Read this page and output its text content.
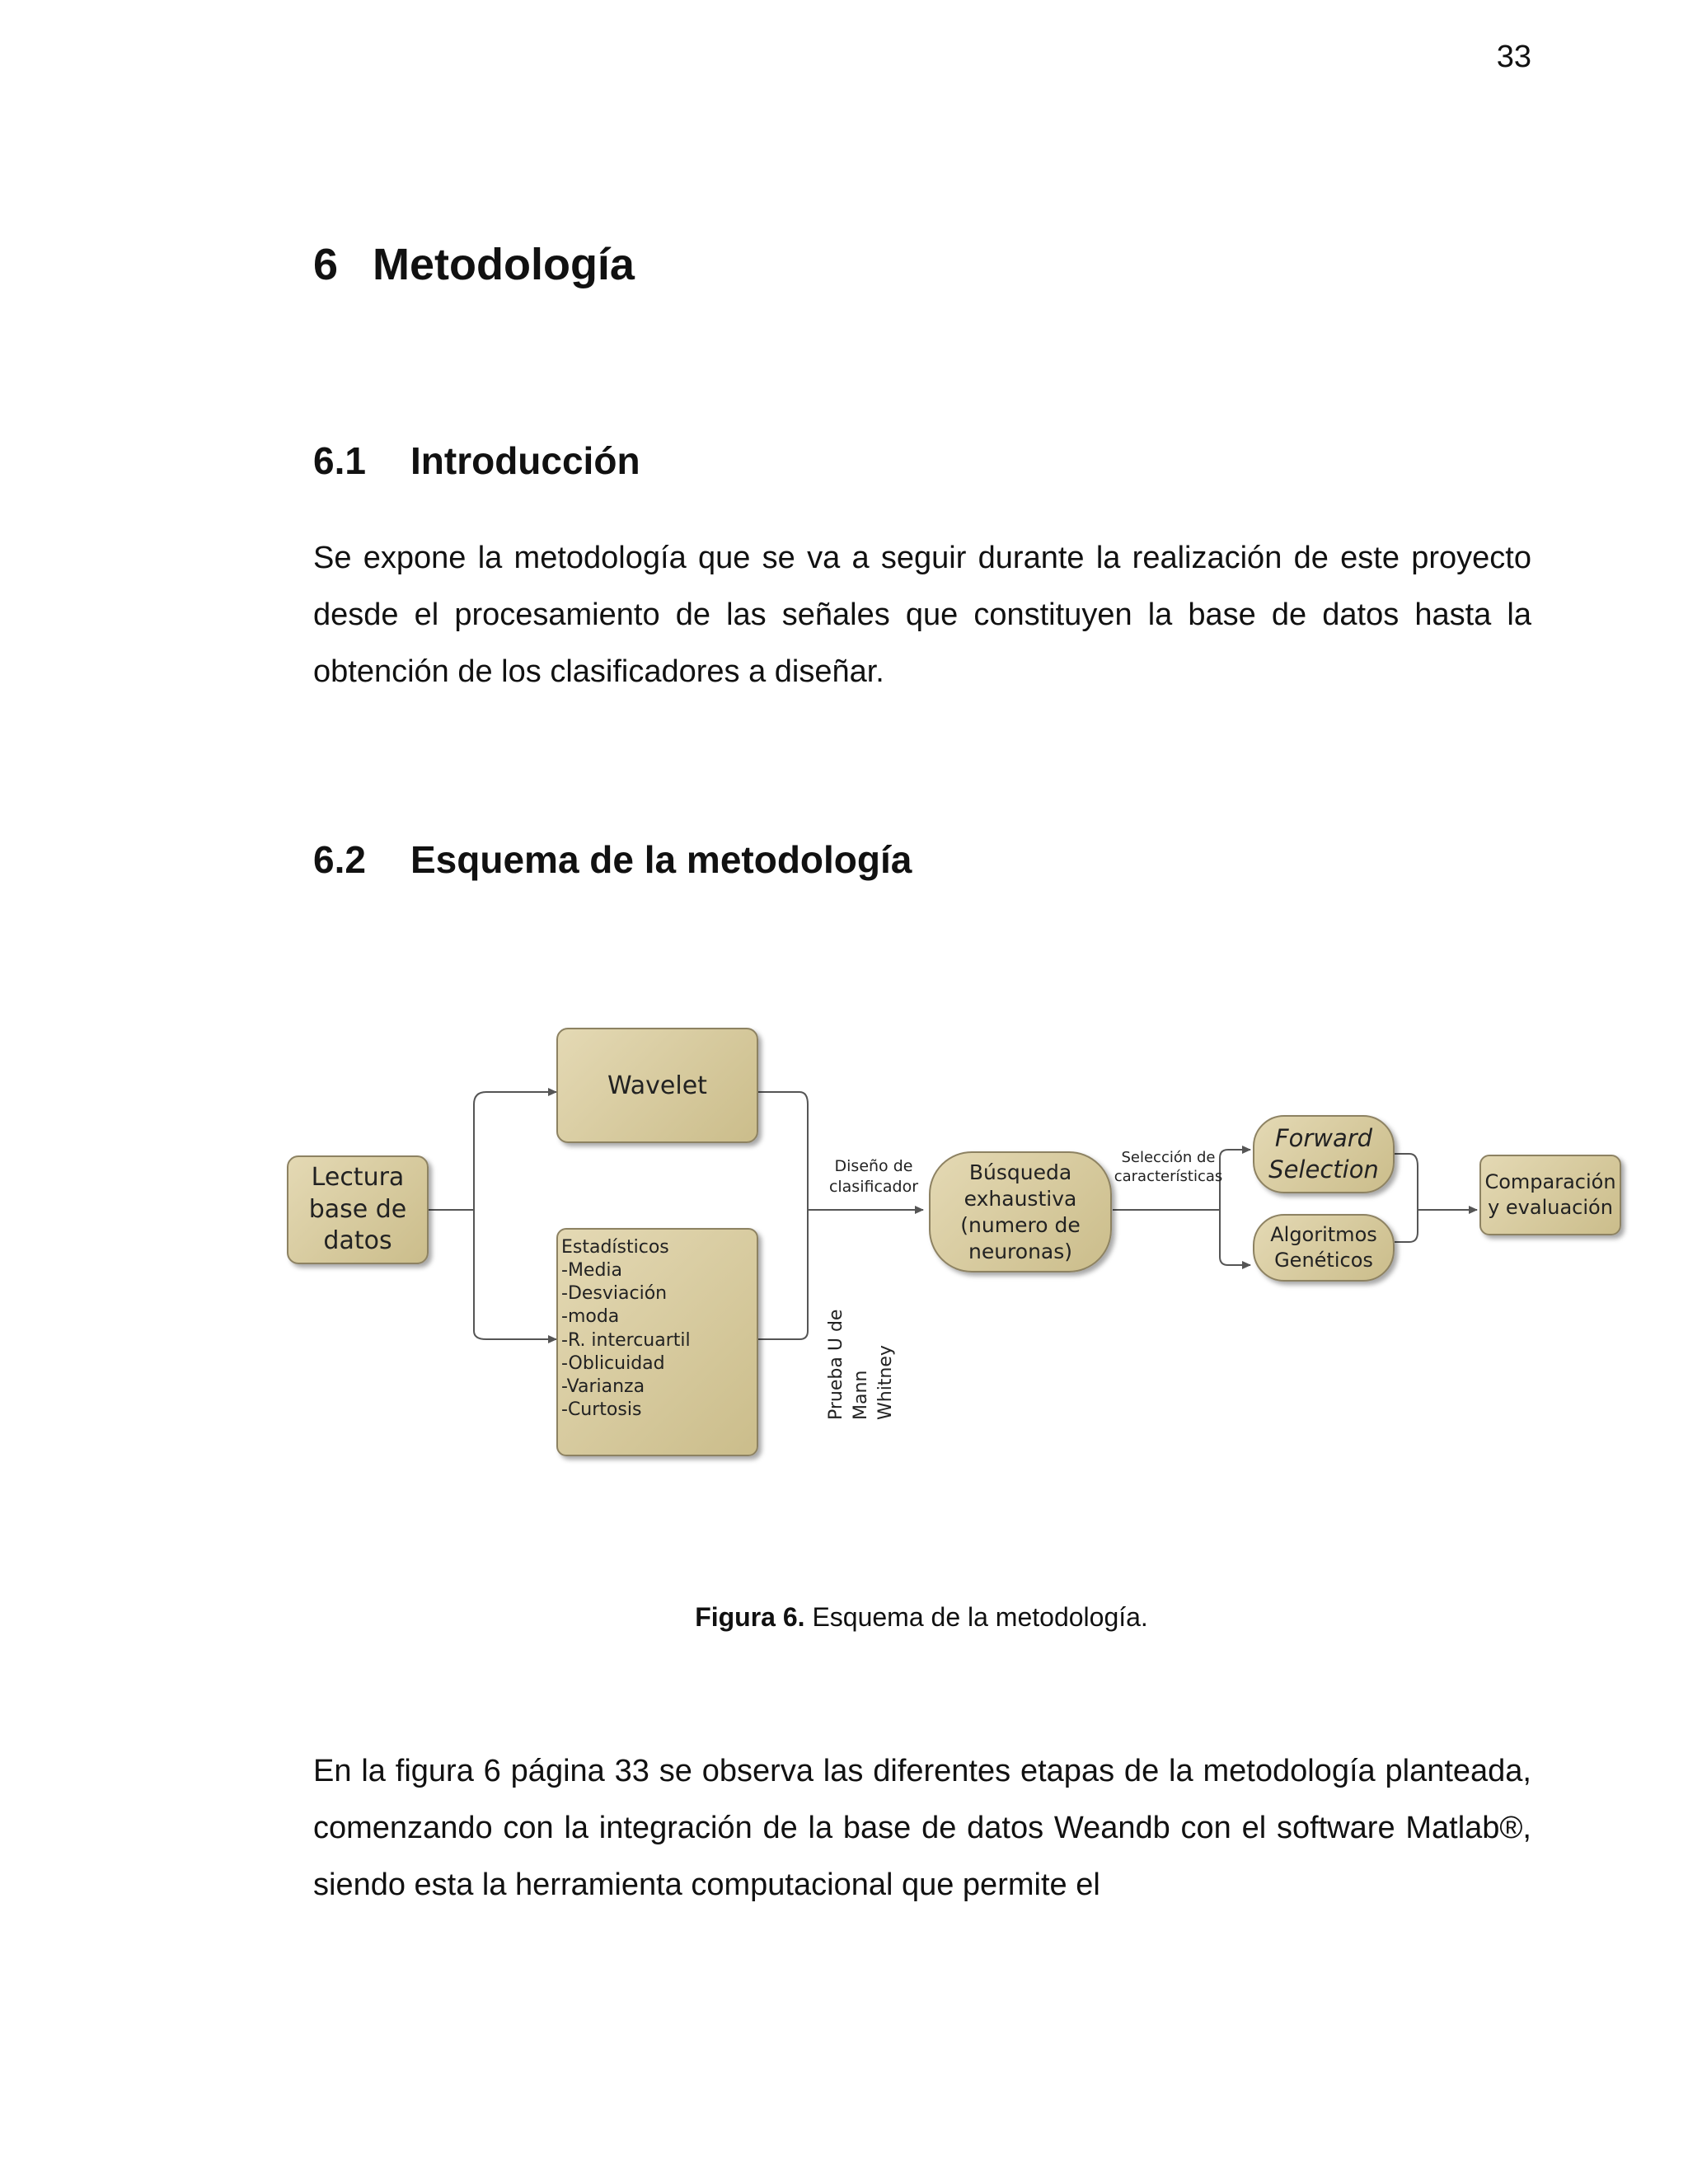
33
6 Metodología
6.1 Introducción

Se expone la metodología que se va a seguir durante la realización de este proyecto desde el procesamiento de las señales que constituyen la base de datos hasta la obtención de los clasificadores a diseñar.

6.2 Esquema de la metodología
Lectura
base de
datos
Wavelet
Estadísticos
-Media
-Desviación
-moda
-R. intercuartil
-Oblicuidad
-Varianza
-Curtosis
Diseño de
clasificador
Prueba U de Mann Whitney
Búsqueda
exhaustiva
(numero de
neuronas)
Selección de
características
Forward
Selection
Algoritmos
Genéticos
Comparación
y evaluación
Figura 6. Esquema de la metodología.

En la figura 6 página 33 se observa las diferentes etapas de la metodología planteada, comenzando con la integración de la base de datos Weandb con el software Matlab®, siendo esta la herramienta computacional que permite el
